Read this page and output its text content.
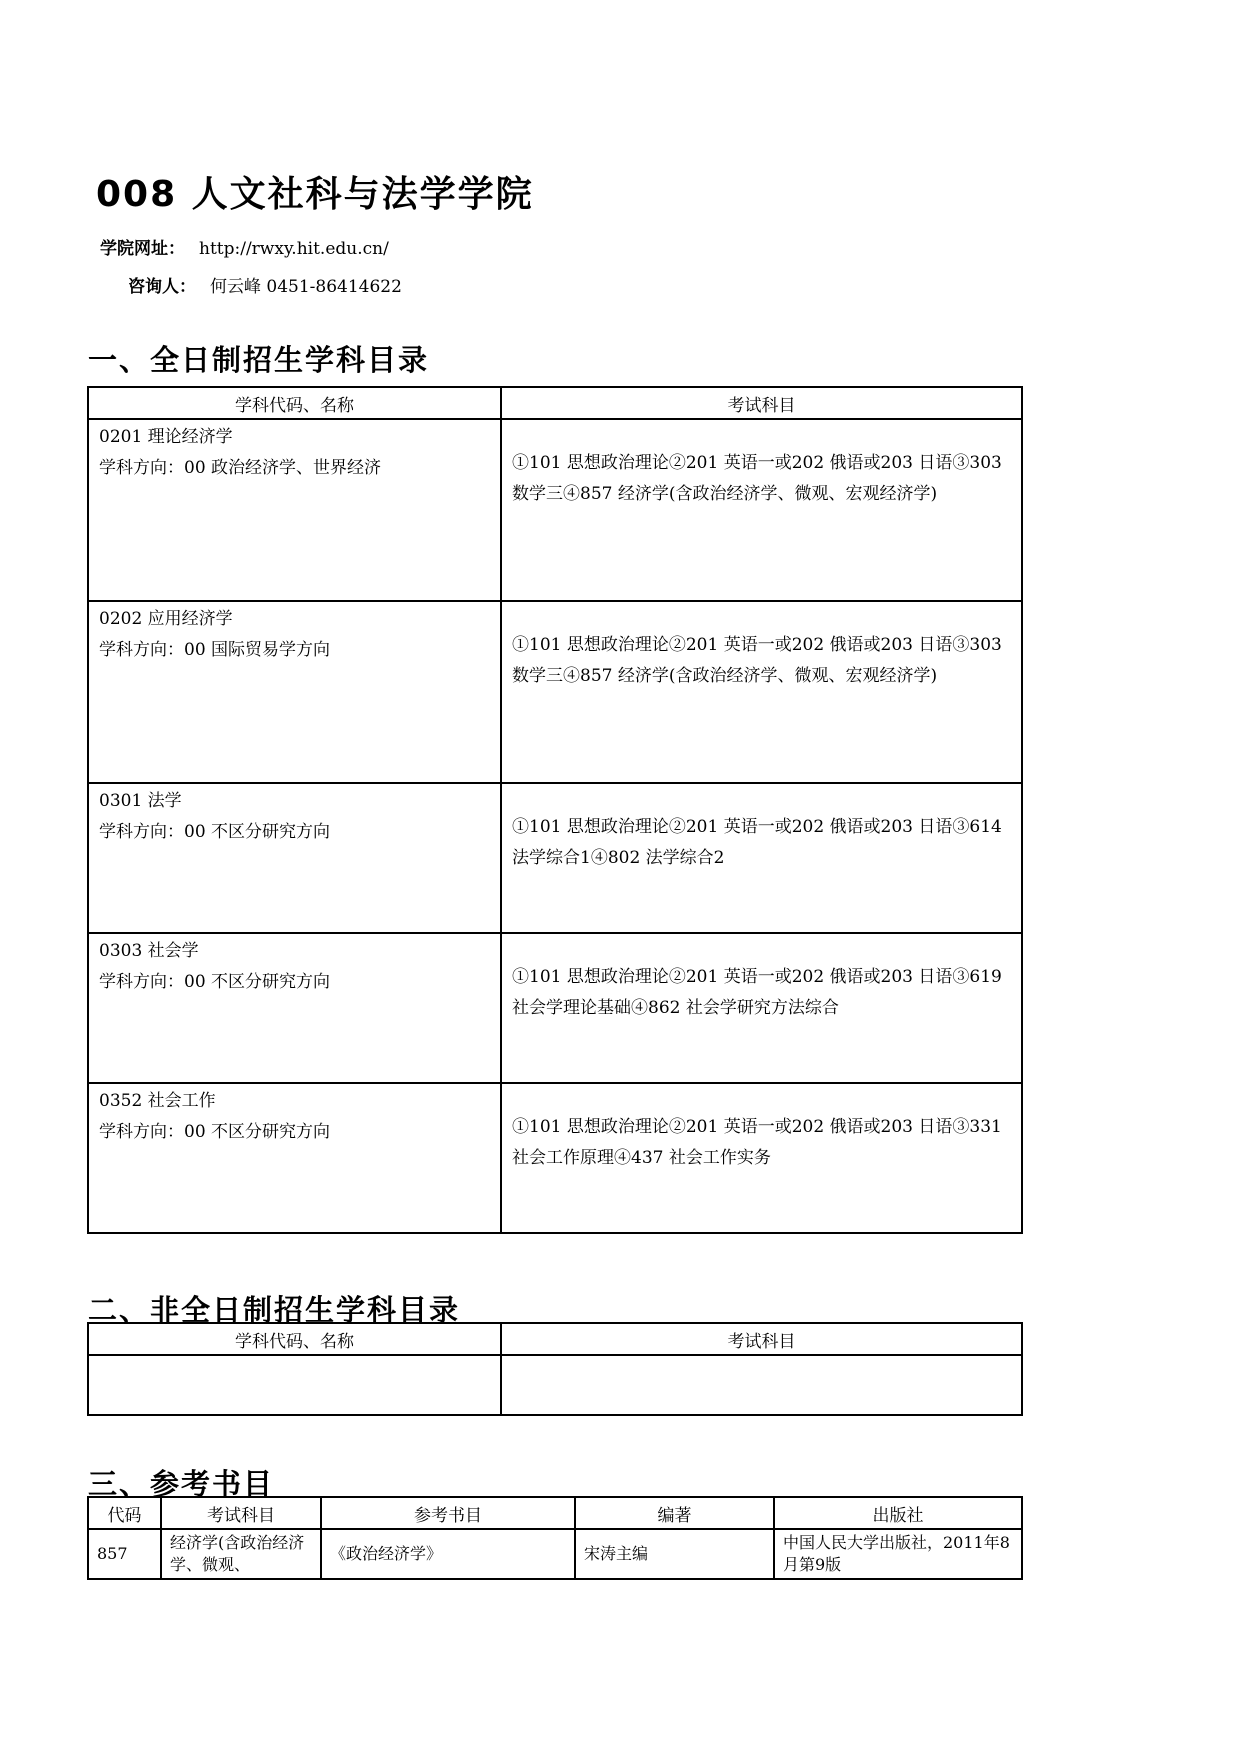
008 人文社科与法学学院
学院网址： http://rwxy.hit.edu.cn/
咨询人： 何云峰 0451-86414622
一、全日制招生学科目录
学科代码、名称	考试科目

0201 理论经济学
学科方向：00 政治经济学、世界经济	①101 思想政治理论②201 英语一或202 俄语或203 日语③303 数学三④857 经济学(含政治经济学、微观、宏观经济学)

0202 应用经济学
学科方向：00 国际贸易学方向	①101 思想政治理论②201 英语一或202 俄语或203 日语③303 数学三④857 经济学(含政治经济学、微观、宏观经济学)

0301 法学
学科方向：00 不区分研究方向	①101 思想政治理论②201 英语一或202 俄语或203 日语③614 法学综合1④802 法学综合2

0303 社会学
学科方向：00 不区分研究方向	①101 思想政治理论②201 英语一或202 俄语或203 日语③619 社会学理论基础④862 社会学研究方法综合

0352 社会工作
学科方向：00 不区分研究方向	①101 思想政治理论②201 英语一或202 俄语或203 日语③331 社会工作原理④437 社会工作实务
二、非全日制招生学科目录
学科代码、名称	考试科目

三、参考书目
代码	考试科目	参考书目	编著	出版社
857	经济学(含政治经济学、微观、	《政治经济学》	宋涛主编	中国人民大学出版社，2011年8月第9版
